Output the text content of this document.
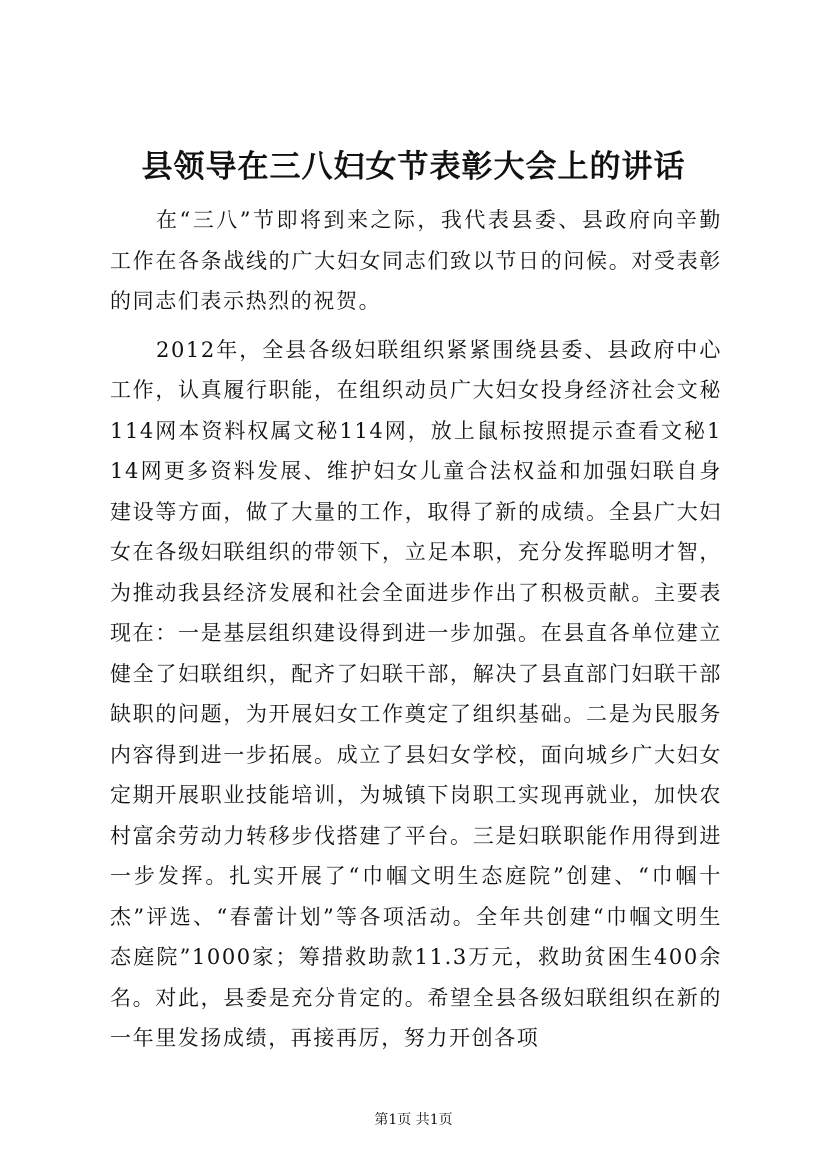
县领导在三八妇女节表彰大会上的讲话

在“三八”节即将到来之际，我代表县委、县政府向辛勤工作在各条战线的广大妇女同志们致以节日的问候。对受表彰的同志们表示热烈的祝贺。

2012年，全县各级妇联组织紧紧围绕县委、县政府中心工作，认真履行职能，在组织动员广大妇女投身经济社会文秘114网本资料权属文秘114网，放上鼠标按照提示查看文秘114网更多资料发展、维护妇女儿童合法权益和加强妇联自身建设等方面，做了大量的工作，取得了新的成绩。全县广大妇女在各级妇联组织的带领下，立足本职，充分发挥聪明才智，为推动我县经济发展和社会全面进步作出了积极贡献。主要表现在：一是基层组织建设得到进一步加强。在县直各单位建立健全了妇联组织，配齐了妇联干部，解决了县直部门妇联干部缺职的问题，为开展妇女工作奠定了组织基础。二是为民服务内容得到进一步拓展。成立了县妇女学校，面向城乡广大妇女定期开展职业技能培训，为城镇下岗职工实现再就业，加快农村富余劳动力转移步伐搭建了平台。三是妇联职能作用得到进一步发挥。扎实开展了“巾帼文明生态庭院”创建、“巾帼十杰”评选、“春蕾计划”等各项活动。全年共创建“巾帼文明生态庭院”1000家；筹措救助款11.3万元，救助贫困生400余名。对此，县委是充分肯定的。希望全县各级妇联组织在新的一年里发扬成绩，再接再厉，努力开创各项

第1页 共1页
